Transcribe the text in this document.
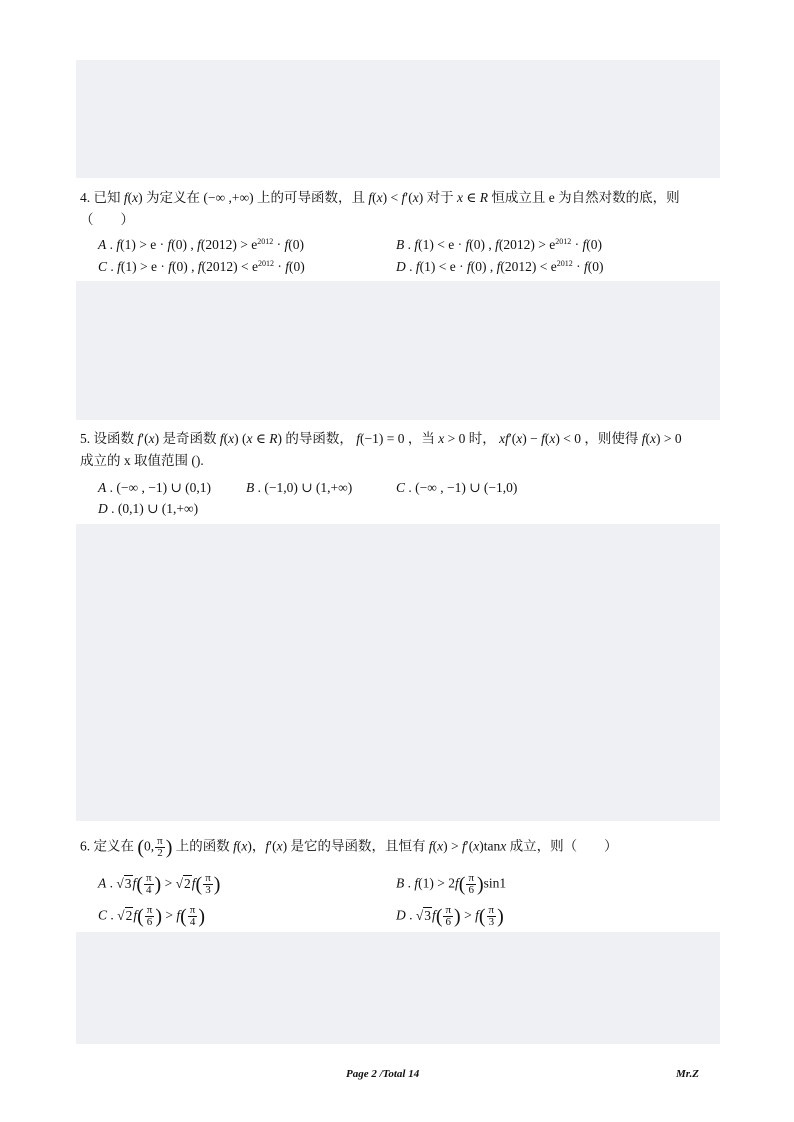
4. 已知 f(x) 为定义在 (−∞ ,+∞) 上的可导函数，且 f(x) < f′(x) 对于 x ∈ R 恒成立且 e 为自然对数的底，则
（　　）
A . f(1) > e · f(0) , $f(2012) > e^{2012} \cdot f(0)$	B . f(1) < e · f(0) , $f(2012) > e^{2012} \cdot f(0)$
C . f(1) > e · f(0) , $f(2012) < e^{2012} \cdot f(0)$	D . f(1) < e · f(0) , $f(2012) < e^{2012} \cdot f(0)$
5. 设函数 f′(x) 是奇函数 f(x) (x ∈ R) 的导函数， f(−1) = 0 ，当 x > 0 时， xf′(x) − f(x) < 0 ，则使得 f(x) > 0
成立的 x 取值范围 ().
A . (−∞ , −1) ∪ (0,1)	B . (−1,0) ∪ (1,+∞)	C . (−∞ , −1) ∪ (−1,0)
D . (0,1) ∪ (1,+∞)
6. 定义在 (0, $\frac{\pi}{2}$ ) 上的函数 f(x)，f′(x) 是它的导函数，且恒有 f(x) > f′(x)tanx 成立，则（　　）
A . $√3f( \frac{\pi}{4}$ ) > $√2f( \frac{\pi}{3}$ )	B . $f(1) > 2f( \frac{\pi}{6} )\sin 1$
C . $√2f( \frac{\pi}{6}$ ) > $f( \frac{\pi}{4}$ )	D . $√3f( \frac{\pi}{6}$ ) > $f( \frac{\pi}{3}$ )
Page 2 /Total 14	Mr.Z
